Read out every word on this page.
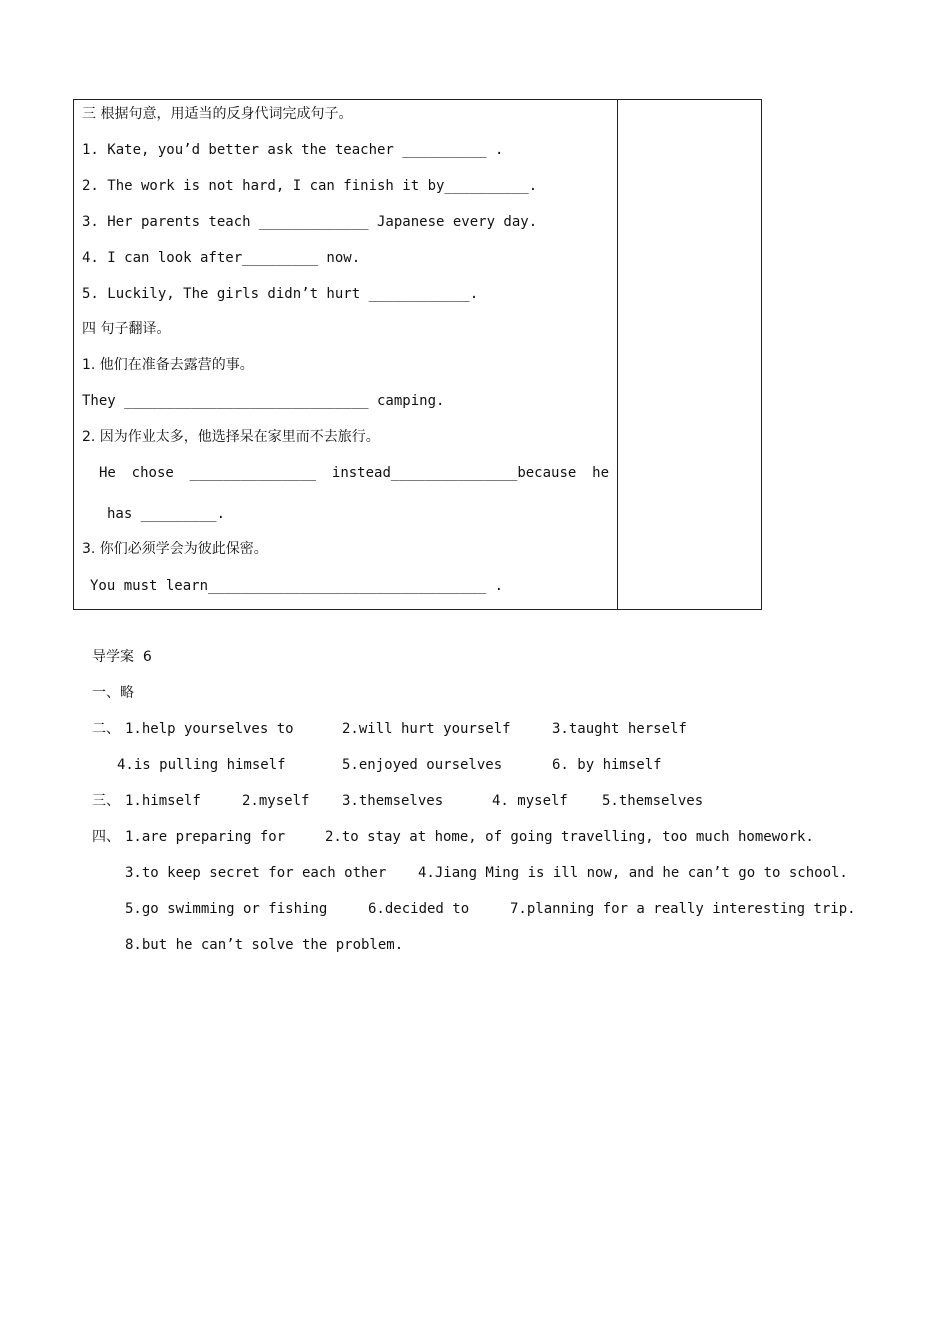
三 根据句意，用适当的反身代词完成句子。
1. Kate, you’d better ask the teacher __________ .
2. The work is not hard, I can finish it by__________.
3. Her parents teach _____________ Japanese every day.
4. I can look after_________ now.
5. Luckily, The girls didn’t hurt ____________.
四 句子翻译。
1. 他们在准备去露营的事。
They _____________________________ camping.
2. 因为作业太多，他选择呆在家里而不去旅行。
He chose _______________ instead_______________because he
has _________.
3. 你们必须学会为彼此保密。
You must learn_________________________________ .
导学案  6
一、略
二、 1.help yourselves to	2.will hurt yourself	3.taught herself
4.is pulling himself	5.enjoyed ourselves	6. by himself
三、 1.himself	2.myself 3.themselves	4. myself 5.themselves
四、 1.are preparing for	2.to stay at home, of going travelling, too much homework.
3.to keep secret for each other 4.Jiang Ming is ill now, and he can’t go to school.
5.go swimming or fishing	6.decided to	7.planning for a really interesting trip.
8.but he can’t solve the problem.
